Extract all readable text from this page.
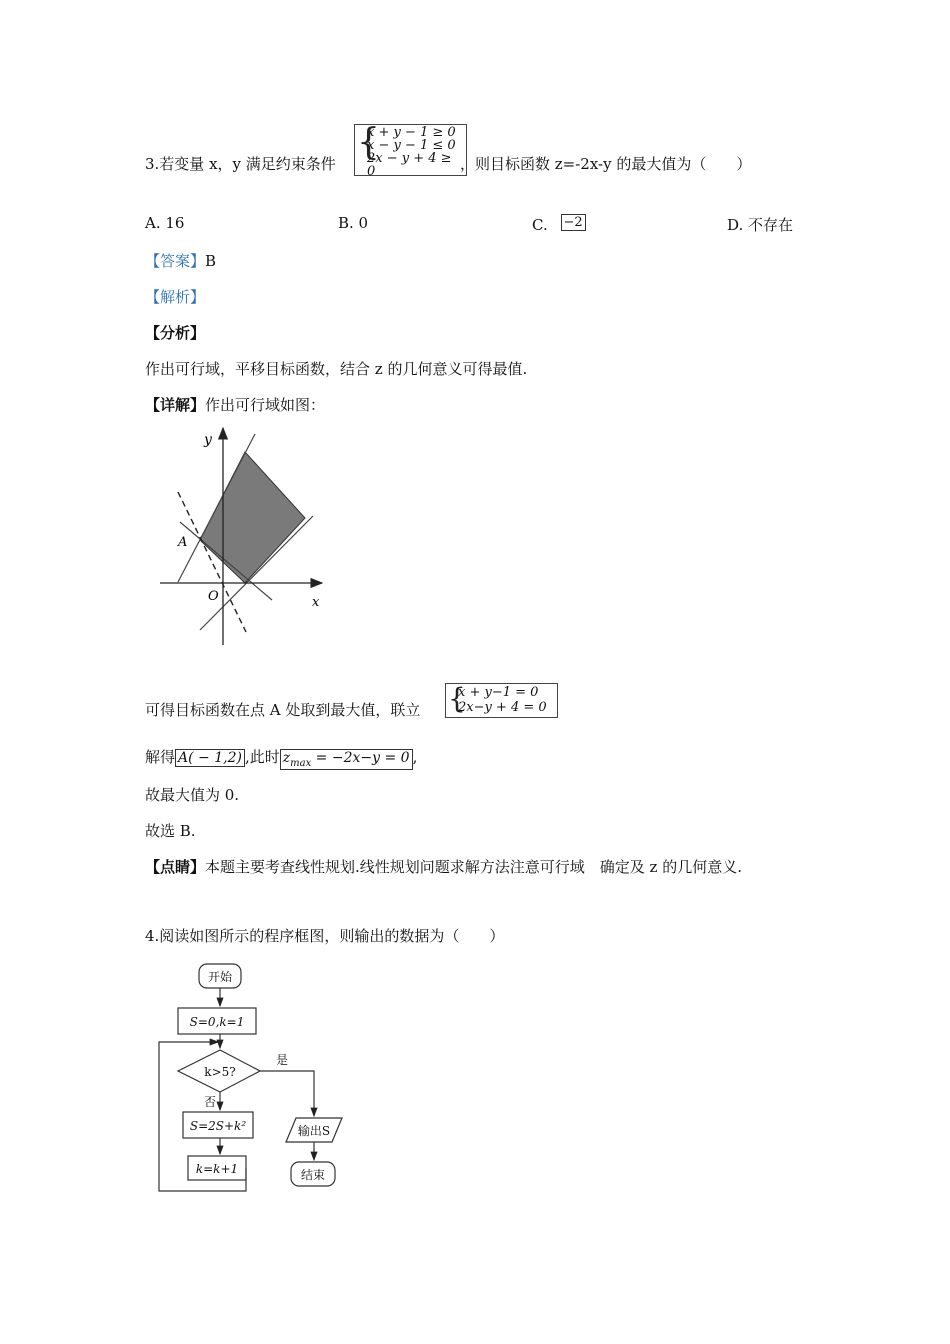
3.若变量 x，y 满足约束条件
{
x + y − 1 ≥ 0
x − y − 1 ≤ 0
2x − y + 4 ≥ 0	，则目标函数 z=-2x-y 的最大值为（　　）
A. 16	B. 0	C. −2	D. 不存在
【答案】B
【解析】
【分析】
作出可行域，平移目标函数，结合 z 的几何意义可得最值.
【详解】作出可行域如图：
y
x
O
A
可得目标函数在点 A 处取到最大值，联立 {
x + y−1 = 0
2x−y + 4 = 0
解得 A( − 1,2) ,此时 $z_{max} = -2x-y = 0$ ,
故最大值为 0.
故选 B.
【点睛】本题主要考查线性规划.线性规划问题求解方法注意可行域　确定及 z 的几何意义.
4.阅读如图所示的程序框图，则输出的数据为（　　）
开始
S=0,k=1
k>5?
是
否
S=2S+k²
k=k+1
输出S
结束
